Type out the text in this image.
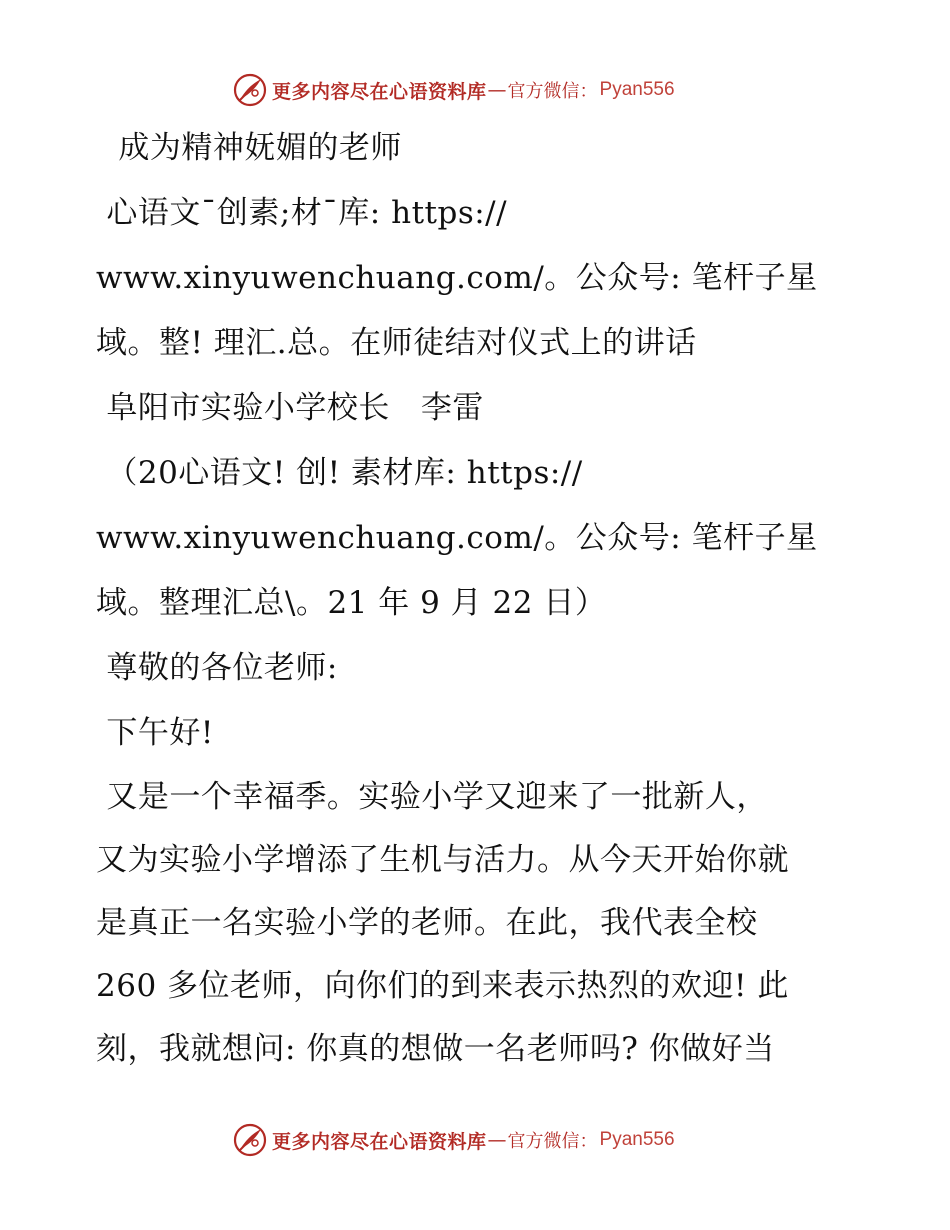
更多内容尽在心语资料库 — 官方微信： Pyan556

成为精神妩媚的老师

心语文¯创素;材¯库: https://
www.xinyuwenchuang.com/。公众号: 笔杆子星
域。整! 理汇.总。在师徒结对仪式上的讲话

阜阳市实验小学校长   李雷

（20心语文! 创! 素材库: https://
www.xinyuwenchuang.com/。公众号: 笔杆子星
域。整理汇总\。21 年 9 月 22 日）

尊敬的各位老师:

下午好!

又是一个幸福季。实验小学又迎来了一批新人，
又为实验小学增添了生机与活力。从今天开始你就
是真正一名实验小学的老师。在此，我代表全校
260 多位老师，向你们的到来表示热烈的欢迎! 此
刻，我就想问: 你真的想做一名老师吗? 你做好当

更多内容尽在心语资料库 — 官方微信： Pyan556
